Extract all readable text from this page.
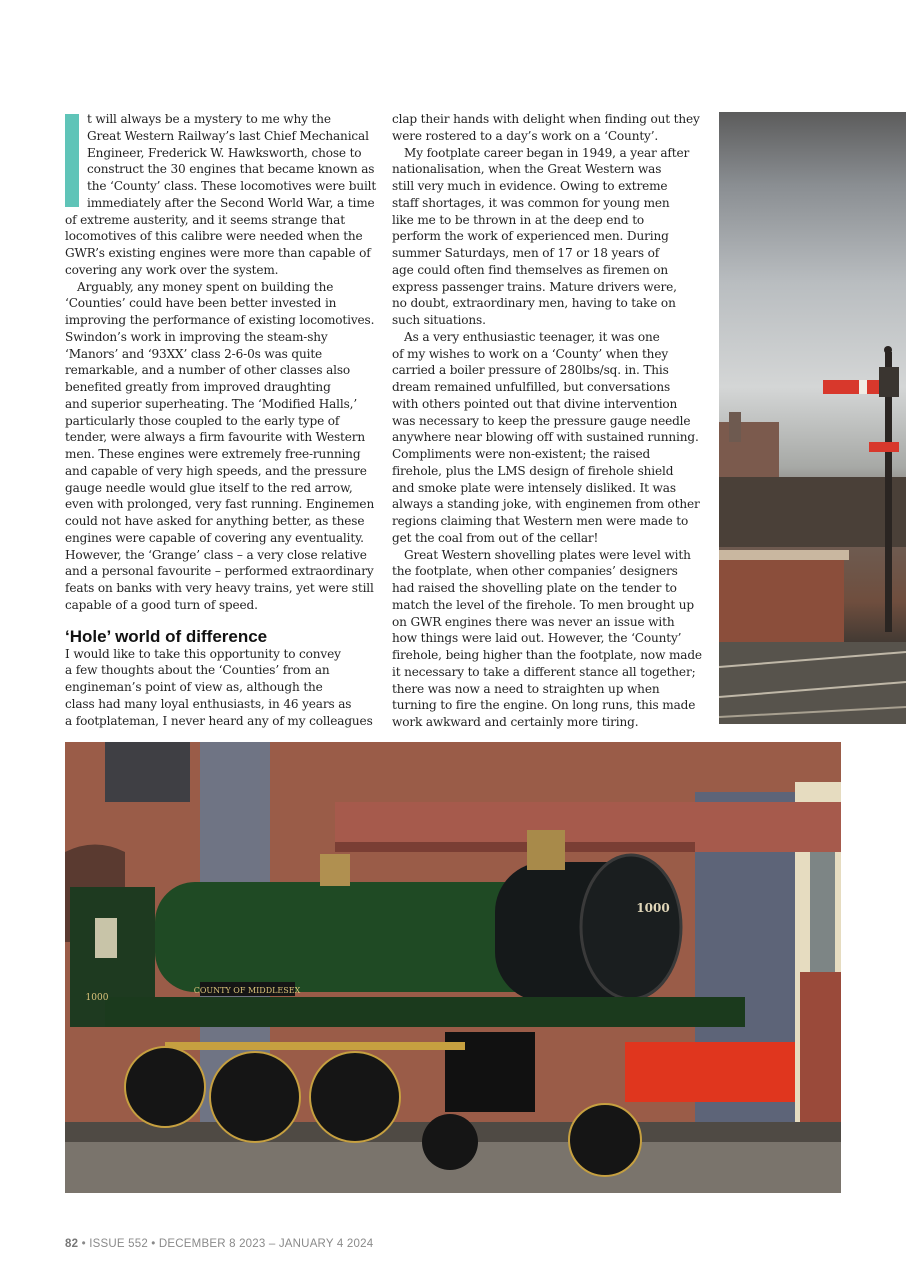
t will always be a mystery to me why the
Great Western Railway’s last Chief Mechanical
Engineer, Frederick W. Hawksworth, chose to
construct the 30 engines that became known as
the ‘County’ class. These locomotives were built
immediately after the Second World War, a time
of extreme austerity, and it seems strange that
locomotives of this calibre were needed when the
GWR’s existing engines were more than capable of
covering any work over the system.
Arguably, any money spent on building the
‘Counties’ could have been better invested in
improving the performance of existing locomotives.
Swindon’s work in improving the steam-shy
‘Manors’ and ‘93XX’ class 2-6-0s was quite
remarkable, and a number of other classes also
benefited greatly from improved draughting
and superior superheating. The ‘Modified Halls,’
particularly those coupled to the early type of
tender, were always a firm favourite with Western
men. These engines were extremely free-running
and capable of very high speeds, and the pressure
gauge needle would glue itself to the red arrow,
even with prolonged, very fast running. Enginemen
could not have asked for anything better, as these
engines were capable of covering any eventuality.
However, the ‘Grange’ class – a very close relative
and a personal favourite – performed extraordinary
feats on banks with very heavy trains, yet were still
capable of a good turn of speed.
‘Hole’ world of difference
I would like to take this opportunity to convey
a few thoughts about the ‘Counties’ from an
engineman’s point of view as, although the
class had many loyal enthusiasts, in 46 years as
a footplateman, I never heard any of my colleagues
clap their hands with delight when finding out they
were rostered to a day’s work on a ‘County’.
My footplate career began in 1949, a year after
nationalisation, when the Great Western was
still very much in evidence. Owing to extreme
staff shortages, it was common for young men
like me to be thrown in at the deep end to
perform the work of experienced men. During
summer Saturdays, men of 17 or 18 years of
age could often find themselves as firemen on
express passenger trains. Mature drivers were,
no doubt, extraordinary men, having to take on
such situations.
As a very enthusiastic teenager, it was one
of my wishes to work on a ‘County’ when they
carried a boiler pressure of 280lbs/sq. in. This
dream remained unfulfilled, but conversations
with others pointed out that divine intervention
was necessary to keep the pressure gauge needle
anywhere near blowing off with sustained running.
Compliments were non-existent; the raised
firehole, plus the LMS design of firehole shield
and smoke plate were intensely disliked. It was
always a standing joke, with enginemen from other
regions claiming that Western men were made to
get the coal from out of the cellar!
Great Western shovelling plates were level with
the footplate, when other companies’ designers
had raised the shovelling plate on the tender to
match the level of the firehole. To men brought up
on GWR engines there was never an issue with
how things were laid out. However, the ‘County’
firehole, being higher than the footplate, now made
it necessary to take a different stance all together;
there was now a need to straighten up when
turning to fire the engine. On long runs, this made
work awkward and certainly more tiring.
COUNTY OF MIDDLESEX
1000
1000
82 • ISSUE 552 • DECEMBER 8 2023 – JANUARY 4 2024
